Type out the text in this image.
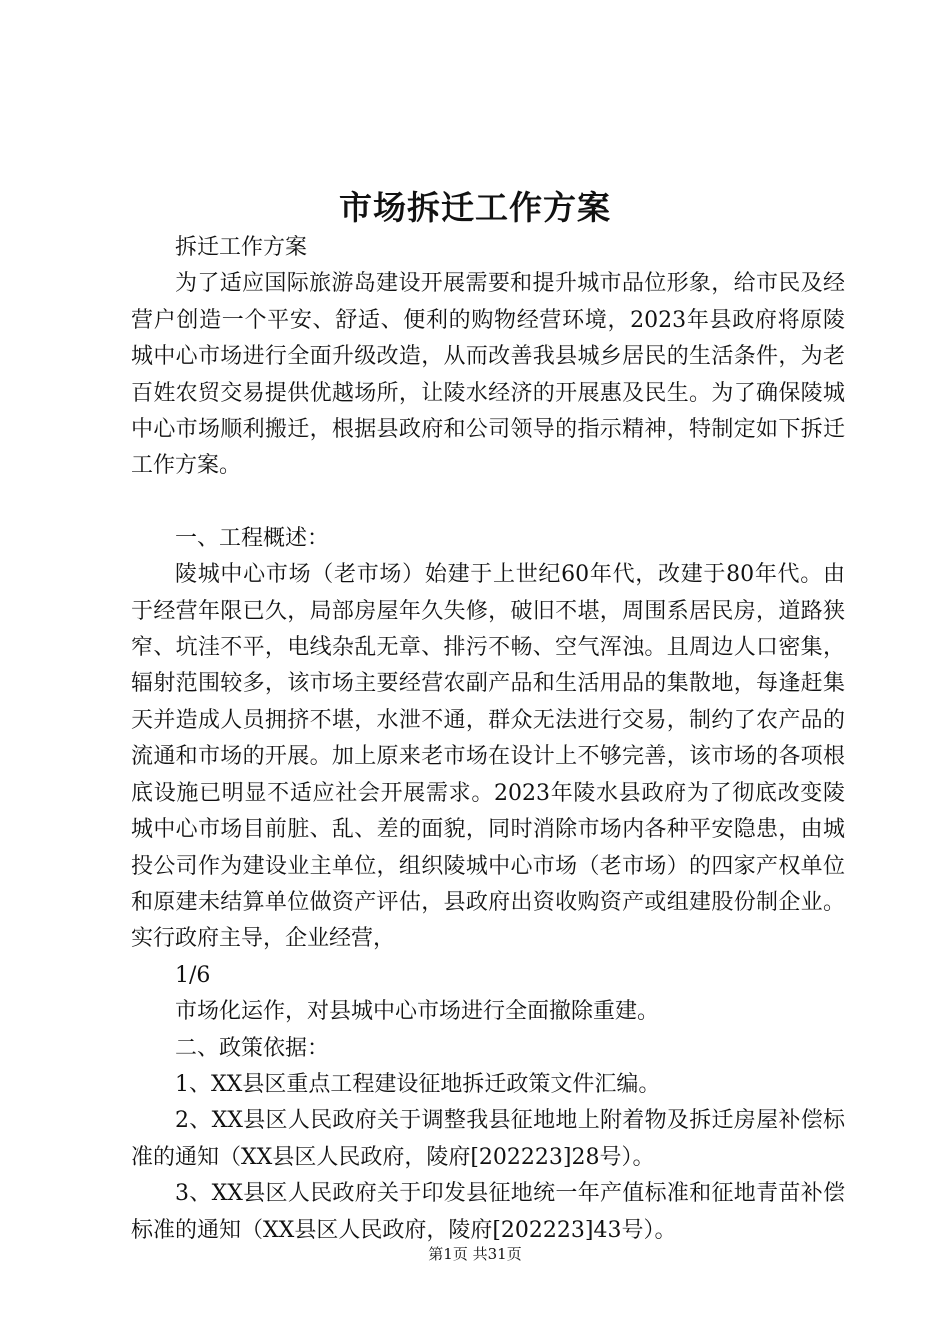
市场拆迁工作方案

拆迁工作方案

为了适应国际旅游岛建设开展需要和提升城市品位形象，给市民及经营户创造一个平安、舒适、便利的购物经营环境，2023年县政府将原陵城中心市场进行全面升级改造，从而改善我县城乡居民的生活条件，为老百姓农贸交易提供优越场所，让陵水经济的开展惠及民生。为了确保陵城中心市场顺利搬迁，根据县政府和公司领导的指示精神，特制定如下拆迁工作方案。

一、工程概述：

陵城中心市场（老市场）始建于上世纪60年代，改建于80年代。由于经营年限已久，局部房屋年久失修，破旧不堪，周围系居民房，道路狭窄、坑洼不平，电线杂乱无章、排污不畅、空气浑浊。且周边人口密集，辐射范围较多，该市场主要经营农副产品和生活用品的集散地，每逢赶集天并造成人员拥挤不堪，水泄不通，群众无法进行交易，制约了农产品的流通和市场的开展。加上原来老市场在设计上不够完善，该市场的各项根底设施已明显不适应社会开展需求。2023年陵水县政府为了彻底改变陵城中心市场目前脏、乱、差的面貌，同时消除市场内各种平安隐患，由城投公司作为建设业主单位，组织陵城中心市场（老市场）的四家产权单位和原建未结算单位做资产评估，县政府出资收购资产或组建股份制企业。实行政府主导，企业经营，

1/6

市场化运作，对县城中心市场进行全面撤除重建。

二、政策依据：

1、XX县区重点工程建设征地拆迁政策文件汇编。

2、XX县区人民政府关于调整我县征地地上附着物及拆迁房屋补偿标准的通知（XX县区人民政府，陵府[202223]28号）。

3、XX县区人民政府关于印发县征地统一年产值标准和征地青苗补偿标准的通知（XX县区人民政府，陵府[202223]43号）。

第1页 共31页
